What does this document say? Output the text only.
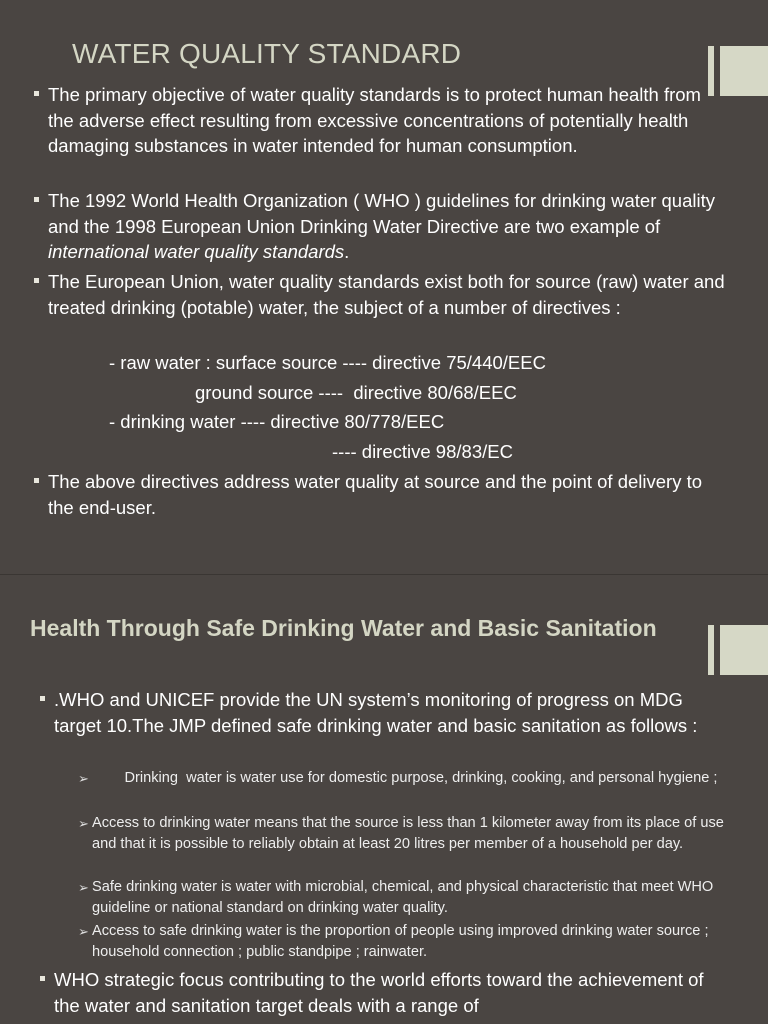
WATER QUALITY STANDARD

The primary objective of water quality standards is to protect human health from the adverse effect resulting from excessive concentrations of potentially health damaging substances in water intended for human consumption.

The 1992 World Health Organization ( WHO ) guidelines for drinking water quality and the 1998 European Union Drinking Water Directive are two example of international water quality standards.

The European Union, water quality standards exist both for source (raw) water and treated drinking (potable) water, the subject of a number of directives :

- raw water : surface source ---- directive 75/440/EEC

ground source ----  directive 80/68/EEC

- drinking water ---- directive 80/778/EEC

---- directive 98/83/EC

The above directives address water quality at source and the point of delivery to the end-user.

Health Through Safe Drinking Water and Basic Sanitation

.WHO and UNICEF provide the UN system’s monitoring of progress on MDG target 10.The JMP defined safe drinking water and basic sanitation as follows :

➢ Drinking  water is water use for domestic purpose, drinking, cooking, and personal hygiene ;

➢ Access to drinking water means that the source is less than 1 kilometer away from its place of use and that it is possible to reliably obtain at least 20 litres per member of a household per day.

➢ Safe drinking water is water with microbial, chemical, and physical characteristic that meet WHO guideline or national standard on drinking water quality.

➢ Access to safe drinking water is the proportion of people using improved drinking water source ; household connection ; public standpipe ; rainwater.

WHO strategic focus contributing to the world efforts toward the achievement of the water and sanitation target deals with a range of
